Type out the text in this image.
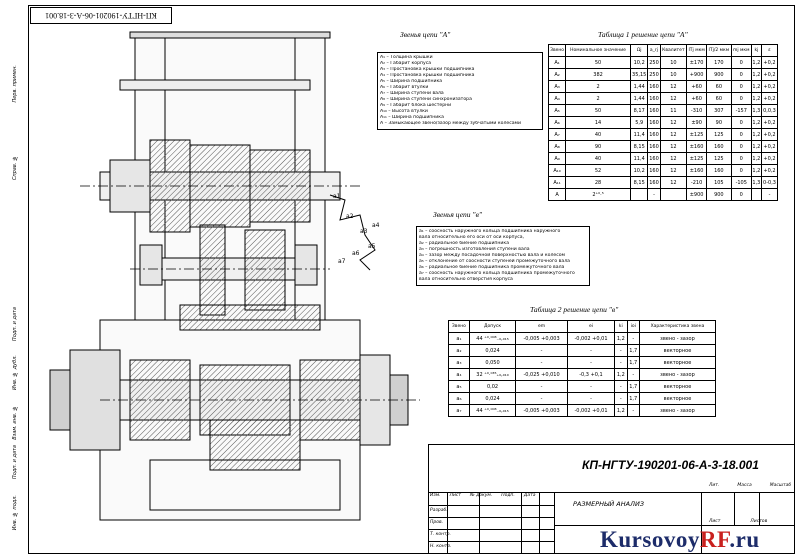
КП-НГТУ-190201-06-А-3-18.001
Перв. примен.
Справ. №
Подп. и дата
Инв. № дубл.
Взам. инв. №
Подп. и дата
Инв. № подл.
a1
a2
a3
a4
a5
a6
a7
Звенья цепи "А"
А₁ – Толщина крышки
А₂ – Габарит корпуса
А₃ – Простановка крышки подшипника
А₄ – Простановка крышки подшипника
А₅ – Ширина подшипника
А₆ – Габарит втулки
А₇ – Ширина ступени вала
А₈ – Ширина ступени синхронизатора
А₉ – Габарит блока шестерни
А₁₀ – Высота втулки
А₁₁ – Ширина подшипника
А – Замыкающее звено/зазор между зубчатыми колесами
Таблица 1 решение цепи "А"
Звено	Номинальное значение	Ωj	a_rj	Квалитет	ITj мкм	ITj/2 мкм	mj мкм	kj	ε
А₁	50	10,2	250	10	±170	170	0	1,2	+0,2
А₂	382	35,15	250	10	+900	900	0	1,2	+0,2
А₃	2	1,44	160	12	+60	60	0	1,2	+0,2
А₄	2	1,44	160	12	+60	60	0	1,2	+0,2
А₅	50	8,17	160	11	-310	307	-157	1,3	0,0,3
А₆	14	5,9	160	12	±90	90	0	1,2	+0,2
А₇	40	11,4	160	12	±125	125	0	1,2	+0,2
А₈	90	8,15	160	12	±160	160	0	1,2	+0,2
А₉	40	11,4	160	12	±125	125	0	1,2	+0,2
А₁₀	52	10,2	160	12	±160	160	0	1,2	+0,2
А₁₁	28	8,15	160	12	-210	105	-105	1,3	0-0,3
А	2⁺⁰·⁵		-		±900	900	0		-
Звенья цепи "в"
а₁ – соосность наружного кольца подшипника наружного
вала относительно его оси от оси корпуса,
а₂ – радиальное биение подшипника
а₃ – погрешность изготовления ступени вала
а₄ – зазор между посадочной поверхностью вала и колесом
а₅ – отклонение от соосности ступеней промежуточного вала
а₆ – радиальное биение подшипника промежуточного вала
а₇ – соосность наружного кольца подшипника промежуточного
вала относительно отверстия корпуса
Таблица 2 решение цепи "в"
Звено	Допуск	em	ei	ki	ioi	Характеристика звена
a₁	44 ⁺⁰·⁰⁰⁸₋₀,₀₁₅	-0,005 +0,003	-0,002 +0,01	1,2	-	звено - зазор
a₂	0,024	-	-	-	1,7	векторное
a₃	0,050	-	-	-	1,7	векторное
a₄	32 ⁺⁰·⁰³⁵₊₀,₀₁₀	-0,025 +0,010	-0,3 +0,1	1,2	-	звено - зазор
a₅	0,02	-	-	-	1,7	векторное
a₆	0,024	-	-	-	1,7	векторное
a₇	44 ⁺⁰·⁰⁰⁸₋₀,₀₁₅	-0,005 +0,003	-0,002 +0,01	1,2	-	звено - зазор
КП-НГТУ-190201-06-А-3-18.001
РАЗМЕРНЫЙ АНАЛИЗ
Изм. Лист № докум. Подп. Дата
Разраб.
Пров.
Т. контр.
Н. контр.
Лит.	Масса	Масштаб
Лист	Листов
KursovoyRF.ru
